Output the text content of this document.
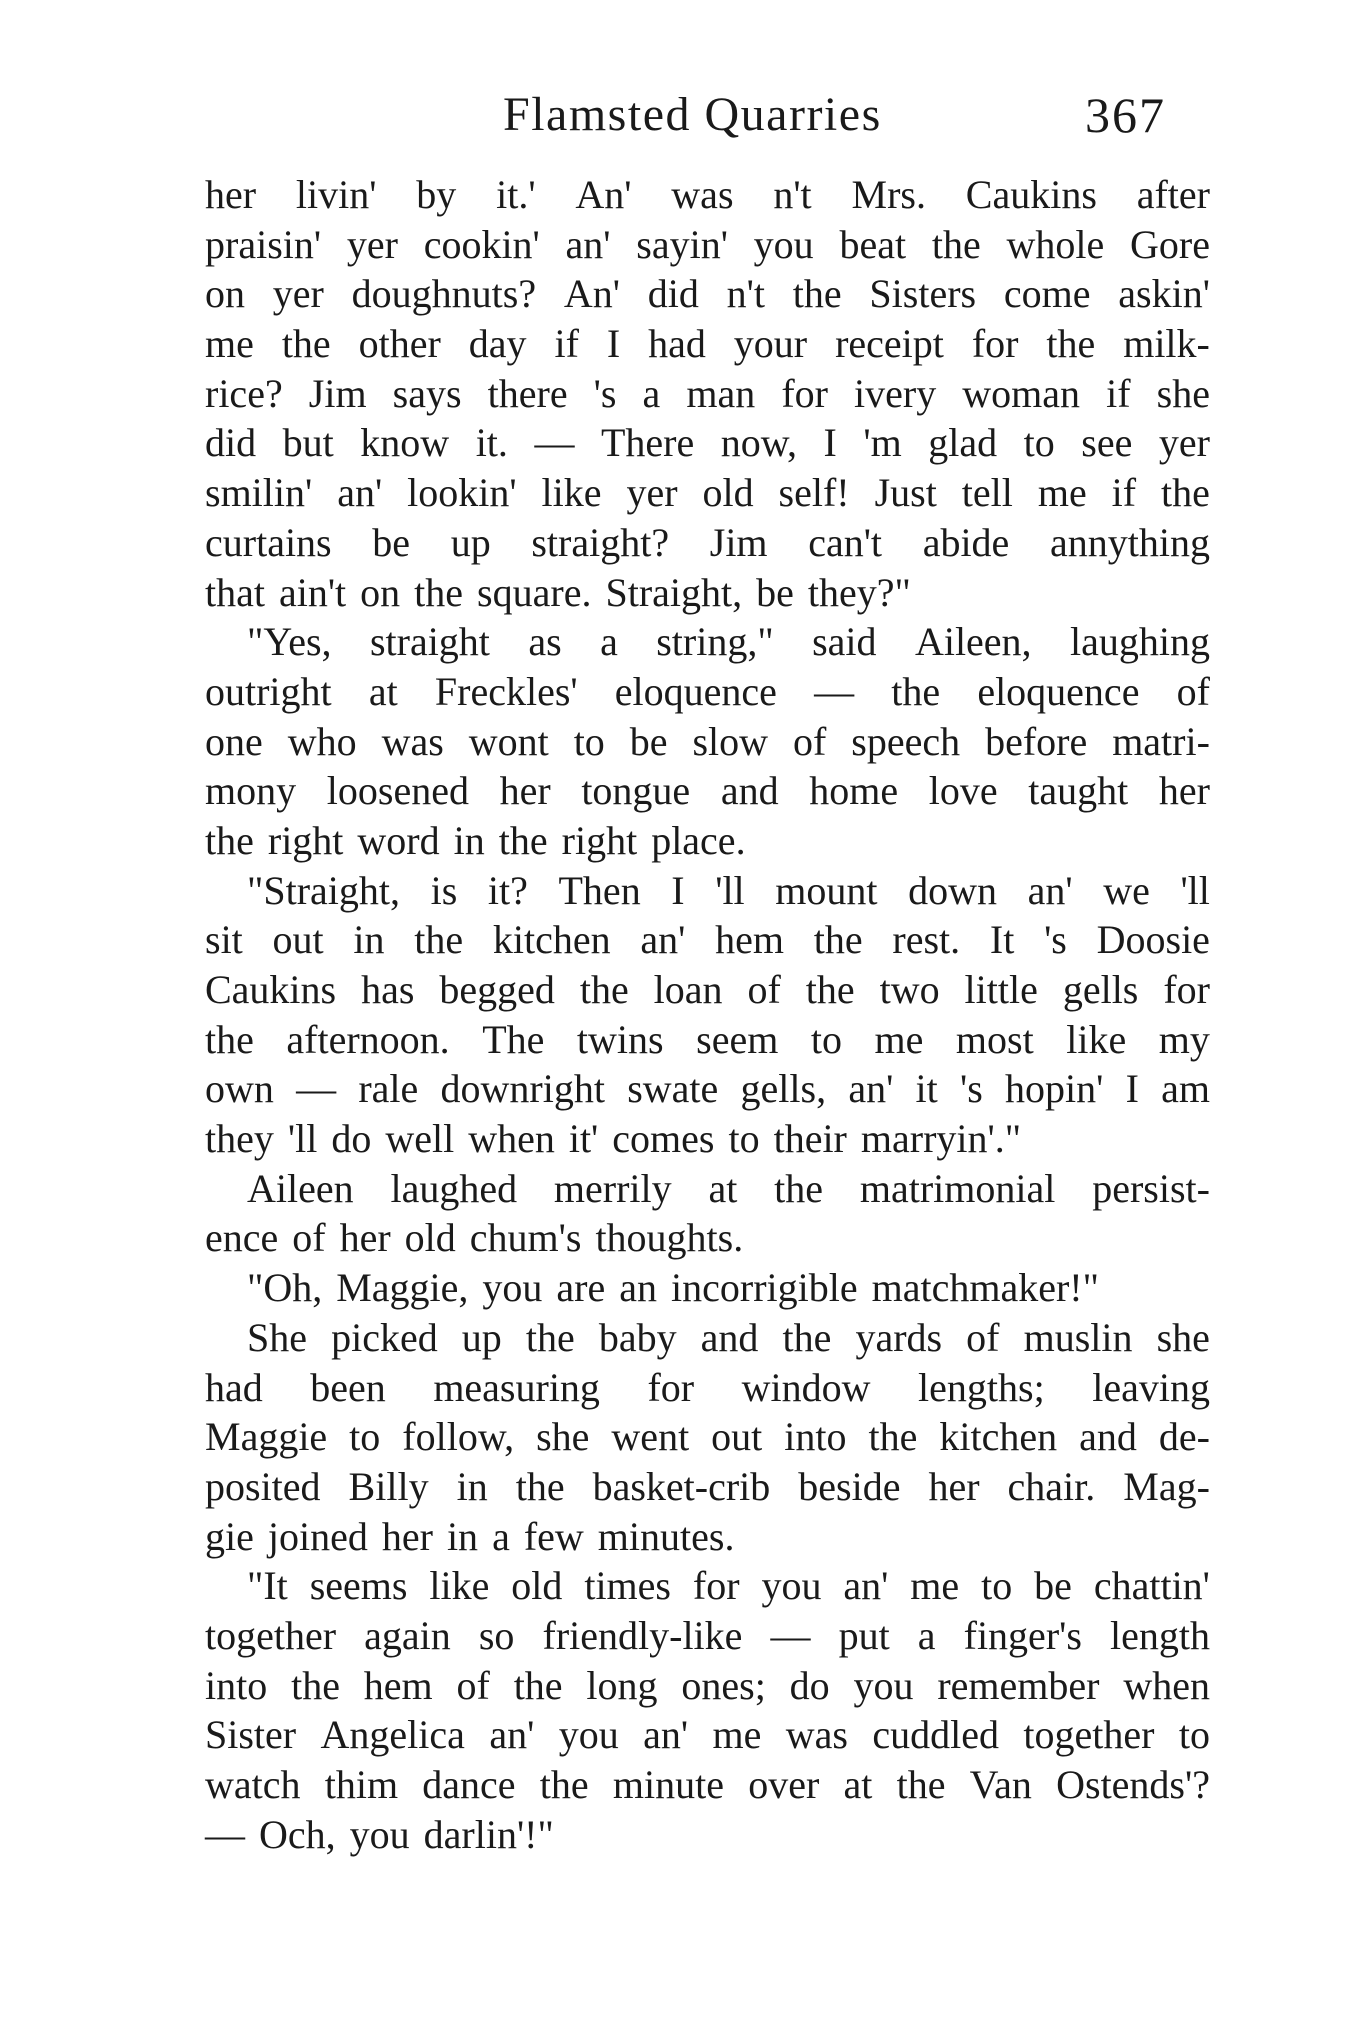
Flamsted Quarries	367
her livin' by it.' An' was n't Mrs. Caukins after
praisin' yer cookin' an' sayin' you beat the whole Gore
on yer doughnuts? An' did n't the Sisters come askin'
me the other day if I had your receipt for the milk-
rice? Jim says there 's a man for ivery woman if she
did but know it. — There now, I 'm glad to see yer
smilin' an' lookin' like yer old self! Just tell me if the
curtains be up straight? Jim can't abide annything
that ain't on the square. Straight, be they?"
"Yes, straight as a string," said Aileen, laughing
outright at Freckles' eloquence — the eloquence of
one who was wont to be slow of speech before matri-
mony loosened her tongue and home love taught her
the right word in the right place.
"Straight, is it? Then I 'll mount down an' we 'll
sit out in the kitchen an' hem the rest. It 's Doosie
Caukins has begged the loan of the two little gells for
the afternoon. The twins seem to me most like my
own — rale downright swate gells, an' it 's hopin' I am
they 'll do well when it' comes to their marryin'."
Aileen laughed merrily at the matrimonial persist-
ence of her old chum's thoughts.
"Oh, Maggie, you are an incorrigible matchmaker!"
She picked up the baby and the yards of muslin she
had been measuring for window lengths; leaving
Maggie to follow, she went out into the kitchen and de-
posited Billy in the basket-crib beside her chair. Mag-
gie joined her in a few minutes.
"It seems like old times for you an' me to be chattin'
together again so friendly-like — put a finger's length
into the hem of the long ones; do you remember when
Sister Angelica an' you an' me was cuddled together to
watch thim dance the minute over at the Van Ostends'?
— Och, you darlin'!"
